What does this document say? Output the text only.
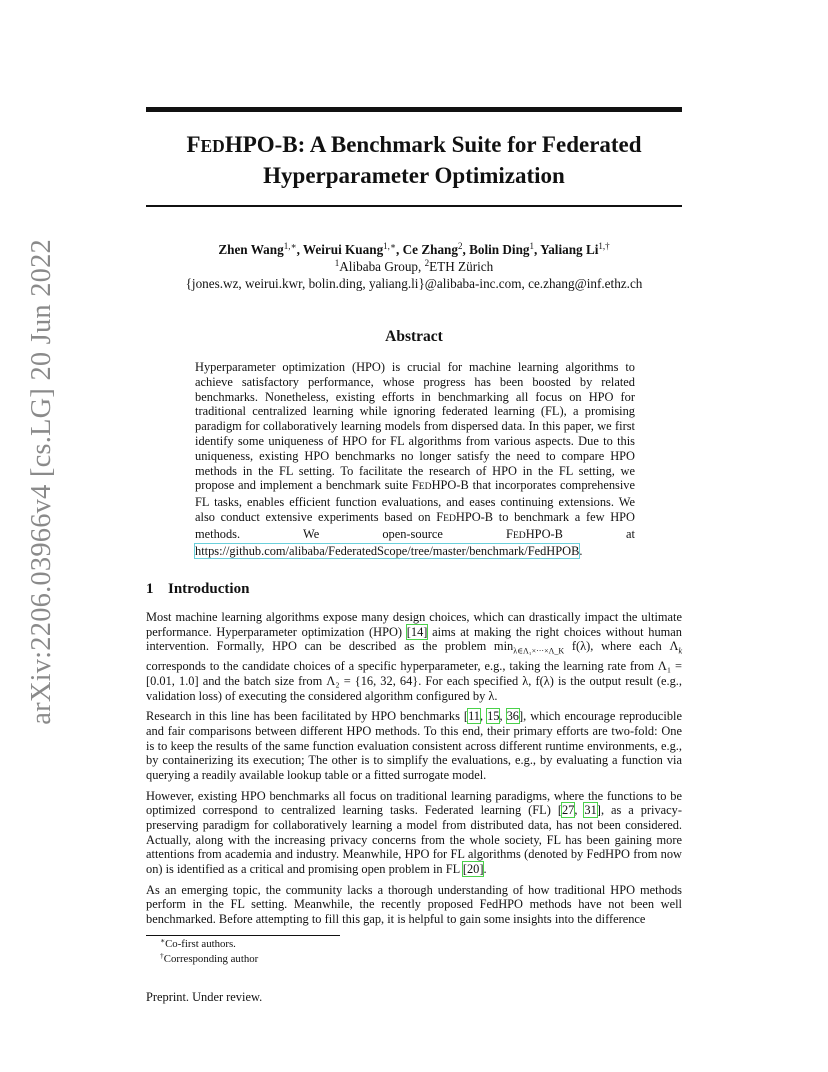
arXiv:2206.03966v4 [cs.LG] 20 Jun 2022
FEDHPO-B: A Benchmark Suite for Federated
Hyperparameter Optimization
Zhen Wang$^{1,∗}$, Weirui Kuang$^{1,∗}$, Ce Zhang$^2$, Bolin Ding$^1$, Yaliang $Li^{1,\dagger}$
$^1$Alibaba Group, $^2$ETH Zürich
{jones.wz, weirui.kwr, bolin.ding, yaliang.li}@alibaba-inc.com, ce.zhang@inf.ethz.ch
Abstract

Hyperparameter optimization (HPO) is crucial for machine learning algorithms to achieve satisfactory performance, whose progress has been boosted by related benchmarks. Nonetheless, existing efforts in benchmarking all focus on HPO for traditional centralized learning while ignoring federated learning (FL), a promising paradigm for collaboratively learning models from dispersed data. In this paper, we first identify some uniqueness of HPO for FL algorithms from various aspects. Due to this uniqueness, existing HPO benchmarks no longer satisfy the need to compare HPO methods in the FL setting. To facilitate the research of HPO in the FL setting, we propose and implement a benchmark suite FEDHPO-B that incorporates comprehensive FL tasks, enables efficient function evaluations, and eases continuing extensions. We also conduct extensive experiments based on FEDHPO-B to benchmark a few HPO methods. We open-source FEDHPO-B at https://github.com/alibaba/FederatedScope/tree/master/benchmark/FedHPOB.

1 Introduction

Most machine learning algorithms expose many design choices, which can drastically impact the ultimate performance. Hyperparameter optimization (HPO) [14] aims at making the right choices without human intervention. Formally, HPO can be described as the problem $\min_{\lambda\in\Lambda_1\times\cdot\cdot\cdot\times\Lambda\_K} f(\lambda)$, where each $\Lambda_k$ corresponds to the candidate choices of a specific hyperparameter, e.g., taking the learning rate from Λ₁ = [0.01, 1.0] and the batch size from Λ₂ = {16, 32, 64}. For each specified λ, f(λ) is the output result (e.g., validation loss) of executing the considered algorithm configured by λ.

Research in this line has been facilitated by HPO benchmarks [11, 15, 36], which encourage reproducible and fair comparisons between different HPO methods. To this end, their primary efforts are two-fold: One is to keep the results of the same function evaluation consistent across different runtime environments, e.g., by containerizing its execution; The other is to simplify the evaluations, e.g., by evaluating a function via querying a readily available lookup table or a fitted surrogate model.

However, existing HPO benchmarks all focus on traditional learning paradigms, where the functions to be optimized correspond to centralized learning tasks. Federated learning (FL) [27, 31], as a privacy-preserving paradigm for collaboratively learning a model from distributed data, has not been considered. Actually, along with the increasing privacy concerns from the whole society, FL has been gaining more attentions from academia and industry. Meanwhile, HPO for FL algorithms (denoted by FedHPO from now on) is identified as a critical and promising open problem in FL [20].

As an emerging topic, the community lacks a thorough understanding of how traditional HPO methods perform in the FL setting. Meanwhile, the recently proposed FedHPO methods have not been well benchmarked. Before attempting to fill this gap, it is helpful to gain some insights into the difference

∗Co-first authors.
†Corresponding author
Preprint. Under review.
